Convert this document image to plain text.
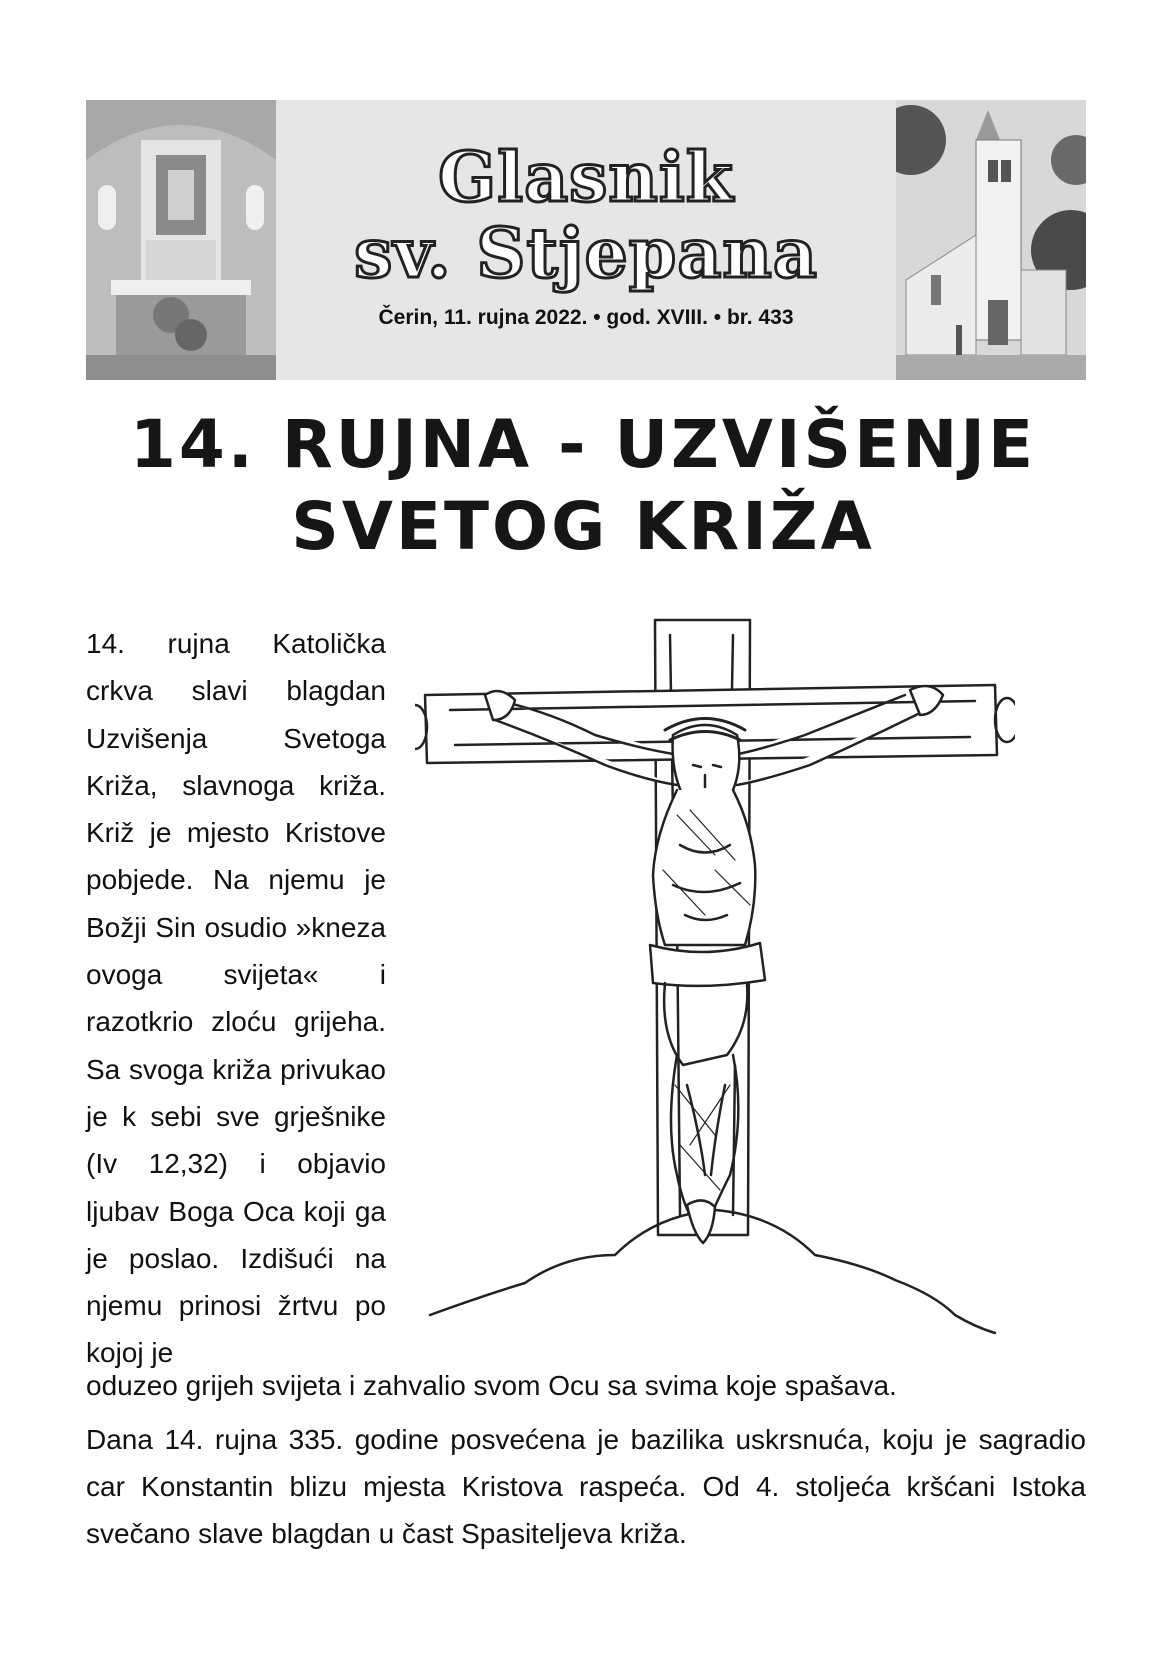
Glasnik
sv. Stjepana
Čerin, 11. rujna 2022. • god. XVIII. • br. 433
14. RUJNA - UZVIŠENJE
SVETOG KRIŽA

14. rujna Katolička crkva slavi blagdan Uzvišenja Svetoga Križa, slavnoga križa. Križ je mjesto Kristove pobjede. Na njemu je Božji Sin osudio »kneza ovoga svijeta« i razotkrio zloću grijeha. Sa svoga križa privukao je k sebi sve grješnike (Iv 12,32) i objavio ljubav Boga Oca koji ga je poslao. Izdišući na njemu prinosi žrtvu po kojoj je

oduzeo grijeh svijeta i zahvalio svom Ocu sa svima koje spašava.

Dana 14. rujna 335. godine posvećena je bazilika uskrsnuća, koju je sagradio car Konstantin blizu mjesta Kristova raspeća. Od 4. stoljeća kršćani Istoka svečano slave blagdan u čast Spasiteljeva križa.
